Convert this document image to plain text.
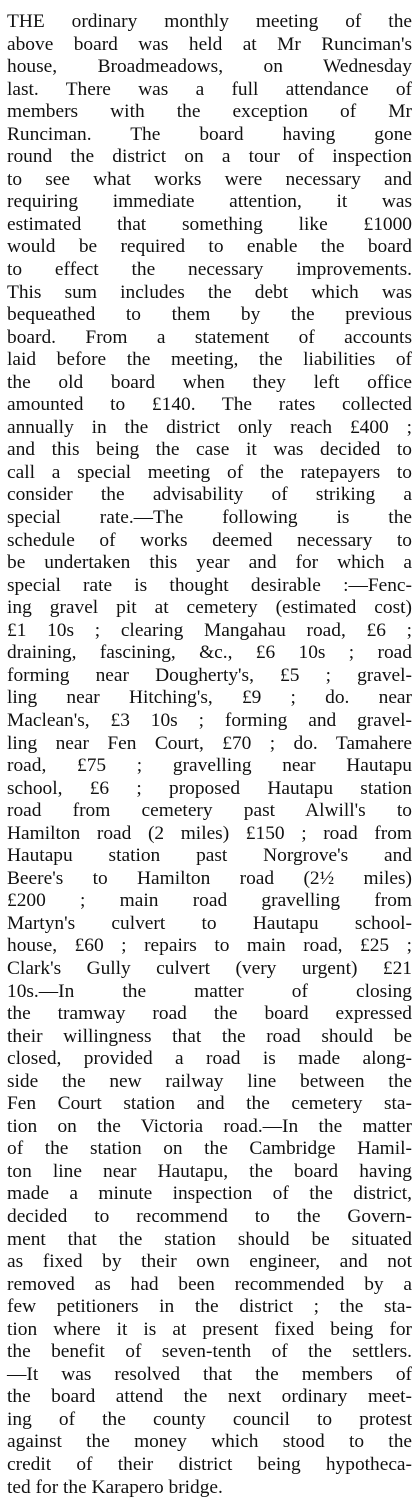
THE ordinary monthly meeting of the
above board was held at Mr Runciman's
house, Broadmeadows, on Wednesday
last. There was a full attendance of
members with the exception of Mr
Runciman. The board having gone
round the district on a tour of inspection
to see what works were necessary and
requiring immediate attention, it was
estimated that something like £1000
would be required to enable the board
to effect the necessary improvements.
This sum includes the debt which was
bequeathed to them by the previous
board. From a statement of accounts
laid before the meeting, the liabilities of
the old board when they left office
amounted to £140. The rates collected
annually in the district only reach £400 ;
and this being the case it was decided to
call a special meeting of the ratepayers to
consider the advisability of striking a
special rate.—The following is the
schedule of works deemed necessary to
be undertaken this year and for which a
special rate is thought desirable :—Fenc-
ing gravel pit at cemetery (estimated cost)
£1 10s ; clearing Mangahau road, £6 ;
draining, fascining, &c., £6 10s ; road
forming near Dougherty's, £5 ; gravel-
ling near Hitching's, £9 ; do. near
Maclean's, £3 10s ; forming and gravel-
ling near Fen Court, £70 ; do. Tamahere
road, £75 ; gravelling near Hautapu
school, £6 ; proposed Hautapu station
road from cemetery past Alwill's to
Hamilton road (2 miles) £150 ; road from
Hautapu station past Norgrove's and
Beere's to Hamilton road (2½ miles)
£200 ; main road gravelling from
Martyn's culvert to Hautapu school-
house, £60 ; repairs to main road, £25 ;
Clark's Gully culvert (very urgent) £21
10s.—In the matter of closing
the tramway road the board expressed
their willingness that the road should be
closed, provided a road is made along-
side the new railway line between the
Fen Court station and the cemetery sta-
tion on the Victoria road.—In the matter
of the station on the Cambridge Hamil-
ton line near Hautapu, the board having
made a minute inspection of the district,
decided to recommend to the Govern-
ment that the station should be situated
as fixed by their own engineer, and not
removed as had been recommended by a
few petitioners in the district ; the sta-
tion where it is at present fixed being for
the benefit of seven-tenth of the settlers.
—It was resolved that the members of
the board attend the next ordinary meet-
ing of the county council to protest
against the money which stood to the
credit of their district being hypotheca-
ted for the Karapero bridge.
